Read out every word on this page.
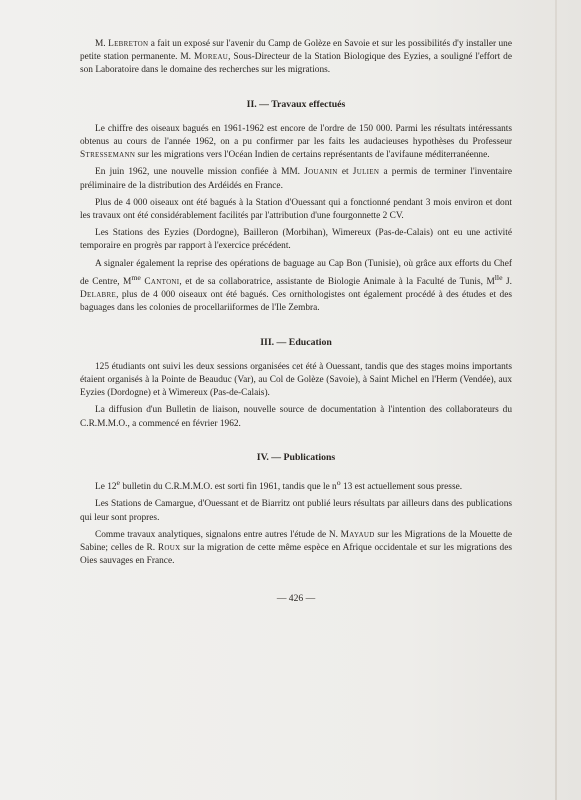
M. Lebreton a fait un exposé sur l'avenir du Camp de Golèze en Savoie et sur les possibilités d'y installer une petite station permanente. M. Moreau, Sous-Directeur de la Station Biologique des Eyzies, a souligné l'effort de son Laboratoire dans le domaine des recherches sur les migrations.

II. — Travaux effectués

Le chiffre des oiseaux bagués en 1961-1962 est encore de l'ordre de 150 000. Parmi les résultats intéressants obtenus au cours de l'année 1962, on a pu confirmer par les faits les audacieuses hypothèses du Professeur Stressemann sur les migrations vers l'Océan Indien de certains représentants de l'avifaune méditerranéenne.

En juin 1962, une nouvelle mission confiée à MM. Jouanin et Julien a permis de terminer l'inventaire préliminaire de la distribution des Ardéidés en France.

Plus de 4 000 oiseaux ont été bagués à la Station d'Ouessant qui a fonctionné pendant 3 mois environ et dont les travaux ont été considérablement facilités par l'attribution d'une fourgonnette 2 CV.

Les Stations des Eyzies (Dordogne), Bailleron (Morbihan), Wimereux (Pas-de-Calais) ont eu une activité temporaire en progrès par rapport à l'exercice précédent.

A signaler également la reprise des opérations de baguage au Cap Bon (Tunisie), où grâce aux efforts du Chef de Centre, $M^{me}$ Cantoni, et de sa collaboratrice, assistante de Biologie Animale à la Faculté de Tunis, $M^{lle}$ J. Delabre, plus de 4 000 oiseaux ont été bagués. Ces ornithologistes ont également procédé à des études et des baguages dans les colonies de procellariiformes de l'Ile Zembra.

III. — Education

125 étudiants ont suivi les deux sessions organisées cet été à Ouessant, tandis que des stages moins importants étaient organisés à la Pointe de Beauduc (Var), au Col de Golèze (Savoie), à Saint Michel en l'Herm (Vendée), aux Eyzies (Dordogne) et à Wimereux (Pas-de-Calais).

La diffusion d'un Bulletin de liaison, nouvelle source de documentation à l'intention des collaborateurs du C.R.M.M.O., a commencé en février 1962.

IV. — Publications

Le 12e bulletin du C.R.M.M.O. est sorti fin 1961, tandis que le $n^o$ 13 est actuellement sous presse.

Les Stations de Camargue, d'Ouessant et de Biarritz ont publié leurs résultats par ailleurs dans des publications qui leur sont propres.

Comme travaux analytiques, signalons entre autres l'étude de N. Mayaud sur les Migrations de la Mouette de Sabine; celles de R. Roux sur la migration de cette même espèce en Afrique occidentale et sur les migrations des Oies sauvages en France.

— 426 —
